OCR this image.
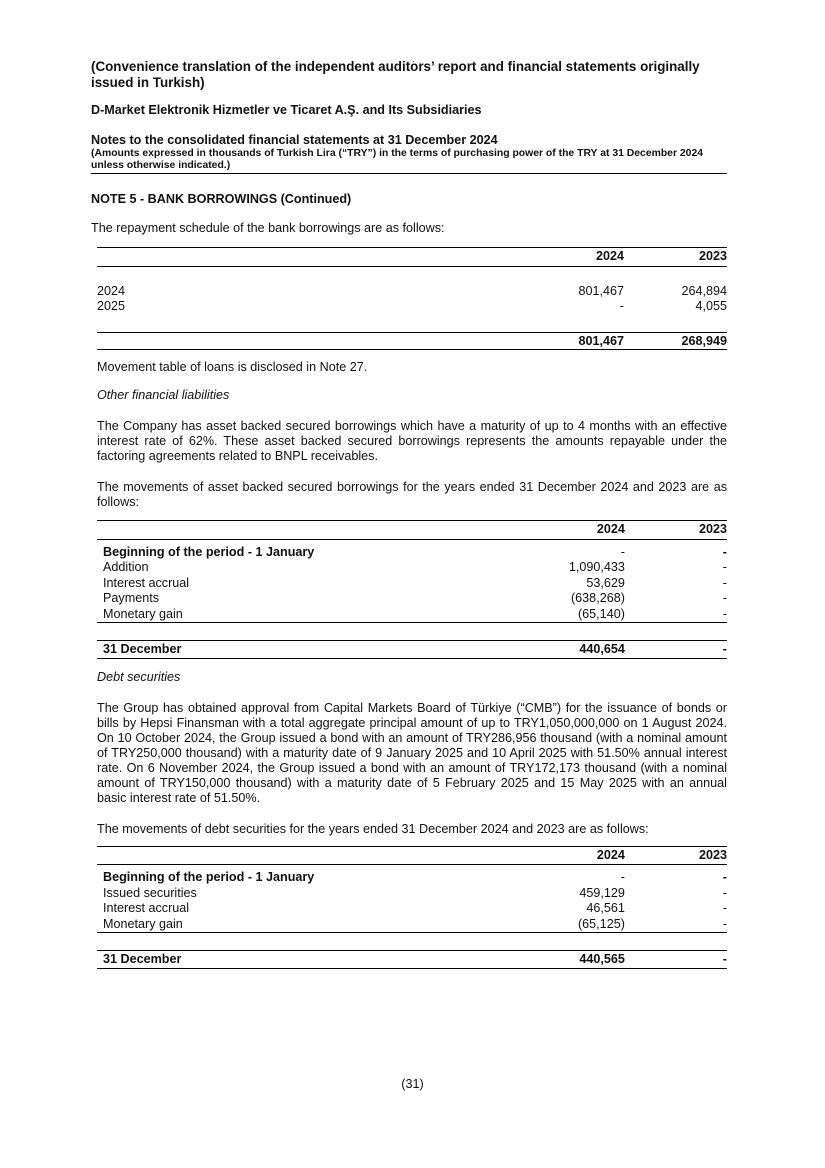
(Convenience translation of the independent auditors’ report and financial statements originally issued in Turkish)
D-Market Elektronik Hizmetler ve Ticaret A.Ş. and Its Subsidiaries
Notes to the consolidated financial statements at 31 December 2024
(Amounts expressed in thousands of Turkish Lira (“TRY”) in the terms of purchasing power of the TRY at 31 December 2024 unless otherwise indicated.)
NOTE 5 - BANK BORROWINGS (Continued)

The repayment schedule of the bank borrowings are as follows:

	2024	2023

2024	801,467	264,894
2025	-	4,055

	801,467	268,949

Movement table of loans is disclosed in Note 27.

Other financial liabilities

The Company has asset backed secured borrowings which have a maturity of up to 4 months with an effective interest rate of 62%. These asset backed secured borrowings represents the amounts repayable under the factoring agreements related to BNPL receivables.

The movements of asset backed secured borrowings for the years ended 31 December 2024 and 2023 are as follows:

	2024	2023
Beginning of the period - 1 January	-	-
Addition	1,090,433	-
Interest accrual	53,629	-
Payments	(638,268)	-
Monetary gain	(65,140)	-

31 December	440,654	-

Debt securities

The Group has obtained approval from Capital Markets Board of Türkiye (“CMB”) for the issuance of bonds or bills by Hepsi Finansman with a total aggregate principal amount of up to TRY1,050,000,000 on 1 August 2024. On 10 October 2024, the Group issued a bond with an amount of TRY286,956 thousand (with a nominal amount of TRY250,000 thousand) with a maturity date of 9 January 2025 and 10 April 2025 with 51.50% annual interest rate. On 6 November 2024, the Group issued a bond with an amount of TRY172,173 thousand (with a nominal amount of TRY150,000 thousand) with a maturity date of 5 February 2025 and 15 May 2025 with an annual basic interest rate of 51.50%.

The movements of debt securities for the years ended 31 December 2024 and 2023 are as follows:

	2024	2023
Beginning of the period - 1 January	-	-
Issued securities	459,129	-
Interest accrual	46,561	-
Monetary gain	(65,125)	-

31 December	440,565	-
(31)
